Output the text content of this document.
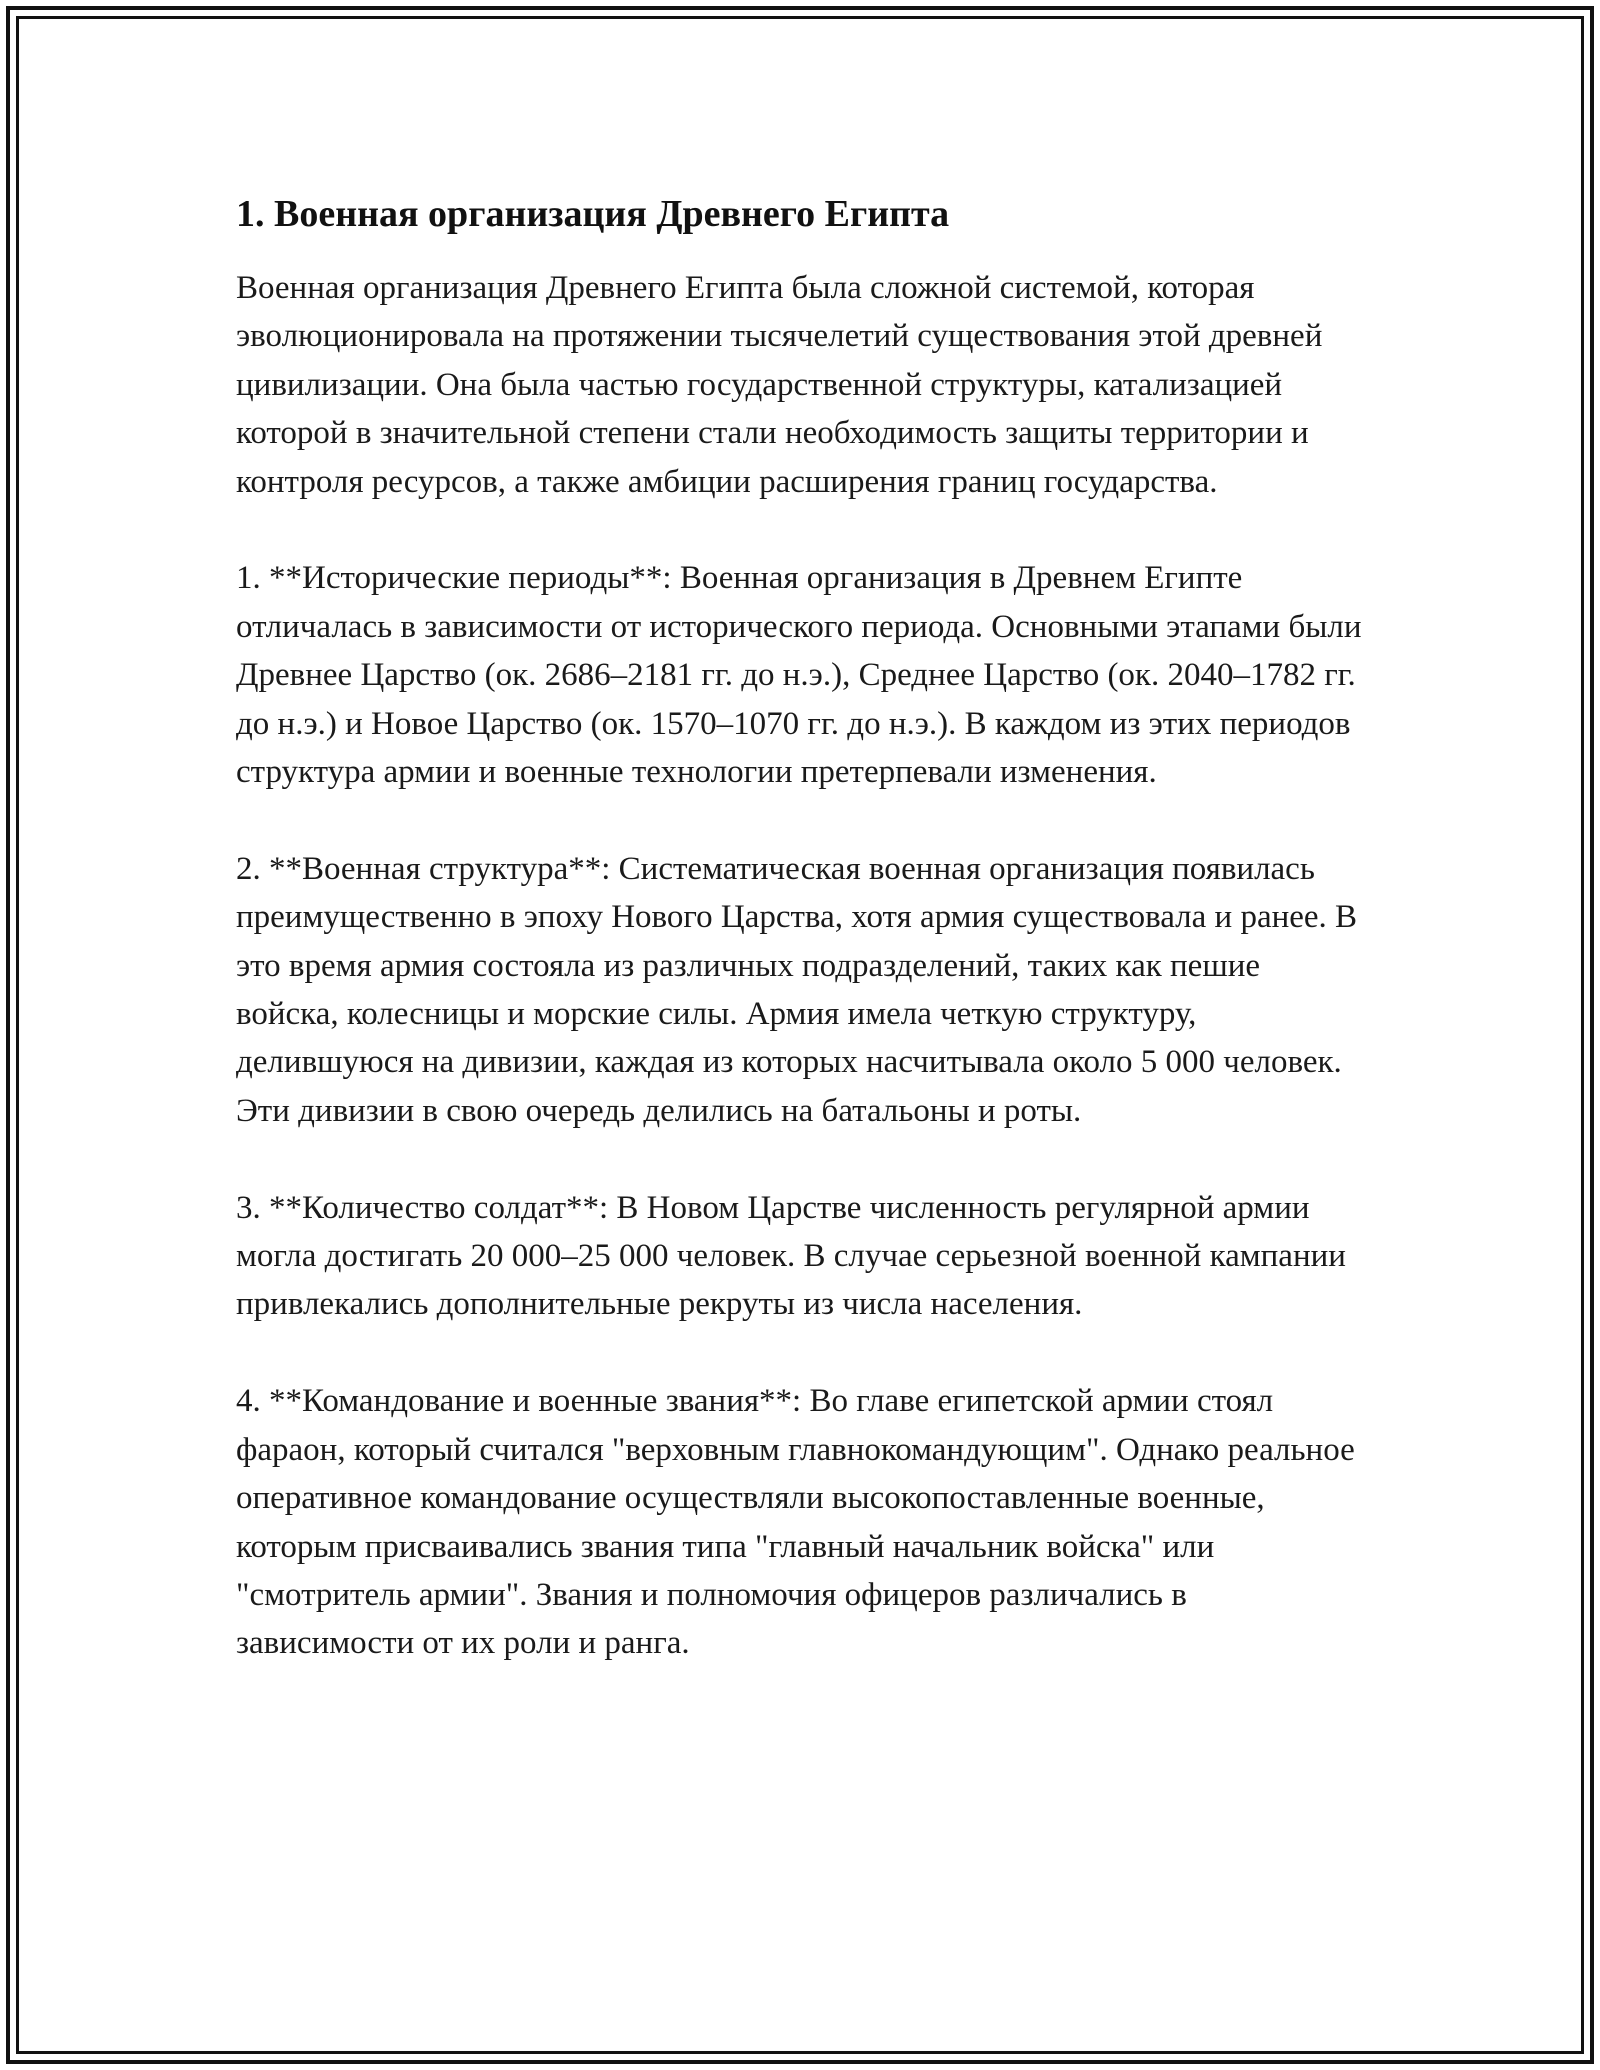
1. Военная организация Древнего Египта

Военная организация Древнего Египта была сложной системой, которая эволюционировала на протяжении тысячелетий существования этой древней цивилизации. Она была частью государственной структуры, катализацией которой в значительной степени стали необходимость защиты территории и контроля ресурсов, а также амбиции расширения границ государства.

1. **Исторические периоды**: Военная организация в Древнем Египте отличалась в зависимости от исторического периода. Основными этапами были Древнее Царство (ок. 2686–2181 гг. до н.э.), Среднее Царство (ок. 2040–1782 гг. до н.э.) и Новое Царство (ок. 1570–1070 гг. до н.э.). В каждом из этих периодов структура армии и военные технологии претерпевали изменения.

2. **Военная структура**: Систематическая военная организация появилась преимущественно в эпоху Нового Царства, хотя армия существовала и ранее. В это время армия состояла из различных подразделений, таких как пешие войска, колесницы и морские силы. Армия имела четкую структуру, делившуюся на дивизии, каждая из которых насчитывала около 5 000 человек. Эти дивизии в свою очередь делились на батальоны и роты.

3. **Количество солдат**: В Новом Царстве численность регулярной армии могла достигать 20 000–25 000 человек. В случае серьезной военной кампании привлекались дополнительные рекруты из числа населения.

4. **Командование и военные звания**: Во главе египетской армии стоял фараон, который считался "верховным главнокомандующим". Однако реальное оперативное командование осуществляли высокопоставленные военные, которым присваивались звания типа "главный начальник войска" или "смотритель армии". Звания и полномочия офицеров различались в зависимости от их роли и ранга.
